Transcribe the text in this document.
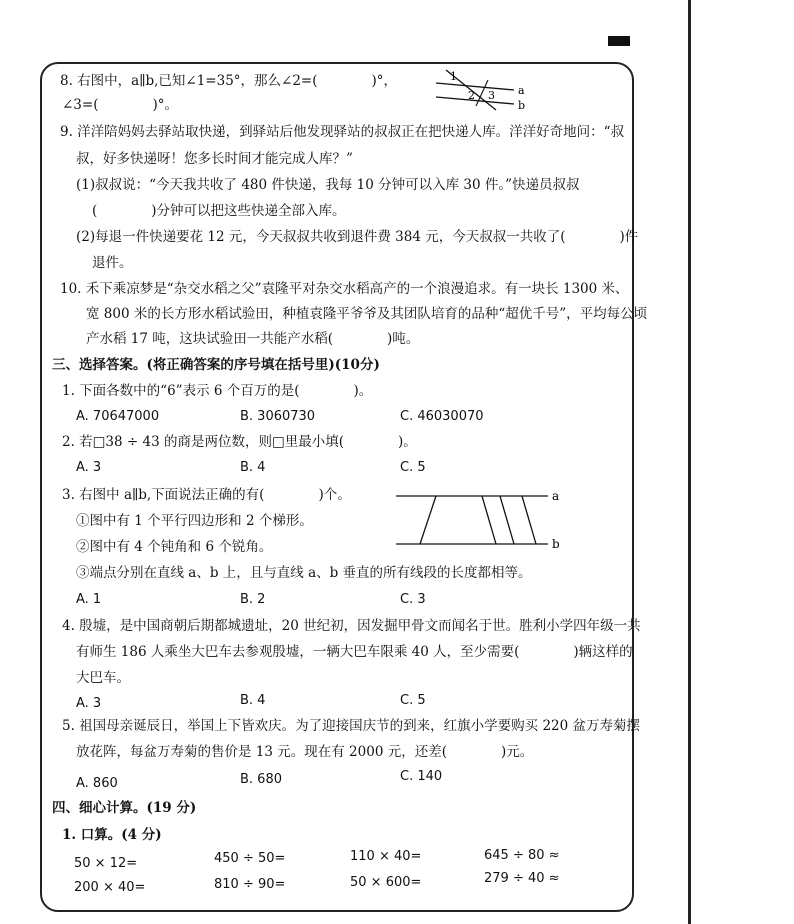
8. 右图中，a∥b,已知∠1=35°，那么∠2=(　　　　)°，
∠3=(　　　　)°。
1
2 3 a
b
9. 洋洋陪妈妈去驿站取快递，到驿站后他发现驿站的叔叔正在把快递人库。洋洋好奇地问：“叔
叔，好多快递呀！您多长时间才能完成人库？”
(1)叔叔说：“今天我共收了 480 件快递，我每 10 分钟可以入库 30 件。”快递员叔叔
(　　　　)分钟可以把这些快递全部入库。
(2)每退一件快递要花 12 元，今天叔叔共收到退件费 384 元，今天叔叔一共收了(　　　　)件
退件。
10. 禾下乘凉梦是“杂交水稻之父”袁隆平对杂交水稻高产的一个浪漫追求。有一块长 1300 米、
宽 800 米的长方形水稻试验田，种植袁隆平爷爷及其团队培育的品种“超优千号”，平均每公顷
产水稻 17 吨，这块试验田一共能产水稻(　　　　)吨。
三、选择答案。(将正确答案的序号填在括号里)(10分)
1. 下面各数中的“6”表示 6 个百万的是(　　　　)。
A. 70647000	B. 3060730	C. 46030070
2. 若□38 ÷ 43 的商是两位数，则□里最小填(　　　　)。
A. 3	B. 4	C. 5
3. 右图中 a∥b,下面说法正确的有(　　　　)个。
①图中有 1 个平行四边形和 2 个梯形。
②图中有 4 个钝角和 6 个锐角。
③端点分别在直线 a、b 上，且与直线 a、b 垂直的所有线段的长度都相等。
a
b
A. 1	B. 2	C. 3
4. 殷墟，是中国商朝后期都城遗址，20 世纪初，因发掘甲骨文而闻名于世。胜利小学四年级一共
有师生 186 人乘坐大巴车去参观殷墟，一辆大巴车限乘 40 人，至少需要(　　　　)辆这样的
大巴车。
A. 3	B. 4	C. 5
5. 祖国母亲诞辰日，举国上下皆欢庆。为了迎接国庆节的到来，红旗小学要购买 220 盆万寿菊摆
放花阵，每盆万寿菊的售价是 13 元。现在有 2000 元，还差(　　　　)元。
A. 860	B. 680	C. 140
四、细心计算。(19 分)
1. 口算。(4 分)
50 × 12=	450 ÷ 50=	110 × 40=	645 ÷ 80 ≈
200 × 40=	810 ÷ 90=	50 × 600=	279 ÷ 40 ≈
